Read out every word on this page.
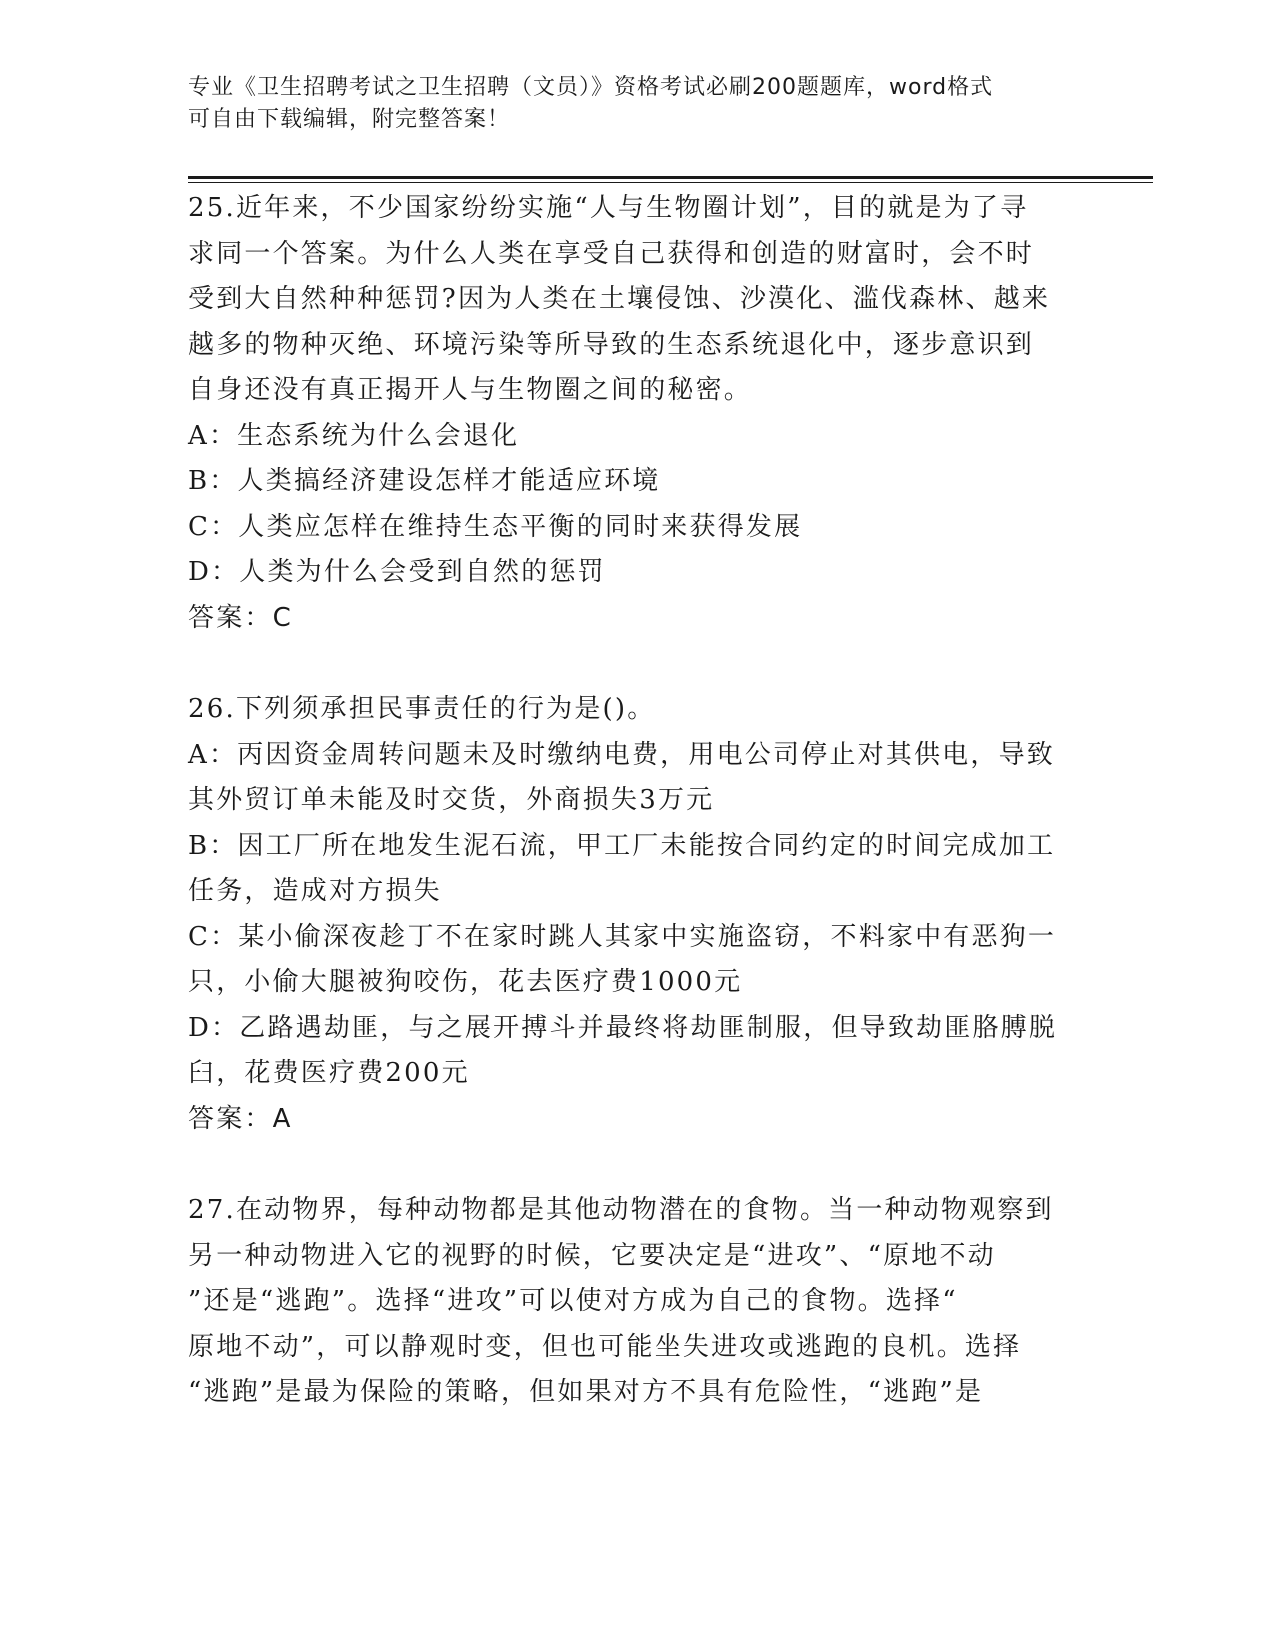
专业《卫生招聘考试之卫生招聘（文员）》资格考试必刷200题题库，word格式
可自由下载编辑，附完整答案！
25.近年来，不少国家纷纷实施“人与生物圈计划”，目的就是为了寻
求同一个答案。为什么人类在享受自己获得和创造的财富时，会不时
受到大自然种种惩罚?因为人类在土壤侵蚀、沙漠化、滥伐森林、越来
越多的物种灭绝、环境污染等所导致的生态系统退化中，逐步意识到
自身还没有真正揭开人与生物圈之间的秘密。
A：生态系统为什么会退化
B：人类搞经济建设怎样才能适应环境
C：人类应怎样在维持生态平衡的同时来获得发展
D：人类为什么会受到自然的惩罚
答案：C
26.下列须承担民事责任的行为是()。
A：丙因资金周转问题未及时缴纳电费，用电公司停止对其供电，导致
其外贸订单未能及时交货，外商损失3万元
B：因工厂所在地发生泥石流，甲工厂未能按合同约定的时间完成加工
任务，造成对方损失
C：某小偷深夜趁丁不在家时跳人其家中实施盗窃，不料家中有恶狗一
只，小偷大腿被狗咬伤，花去医疗费1000元
D：乙路遇劫匪，与之展开搏斗并最终将劫匪制服，但导致劫匪胳膊脱
臼，花费医疗费200元
答案：A
27.在动物界，每种动物都是其他动物潜在的食物。当一种动物观察到
另一种动物进入它的视野的时候，它要决定是“进攻”、“原地不动
”还是“逃跑”。选择“进攻”可以使对方成为自己的食物。选择“
原地不动”，可以静观时变，但也可能坐失进攻或逃跑的良机。选择
“逃跑”是最为保险的策略，但如果对方不具有危险性，“逃跑”是
